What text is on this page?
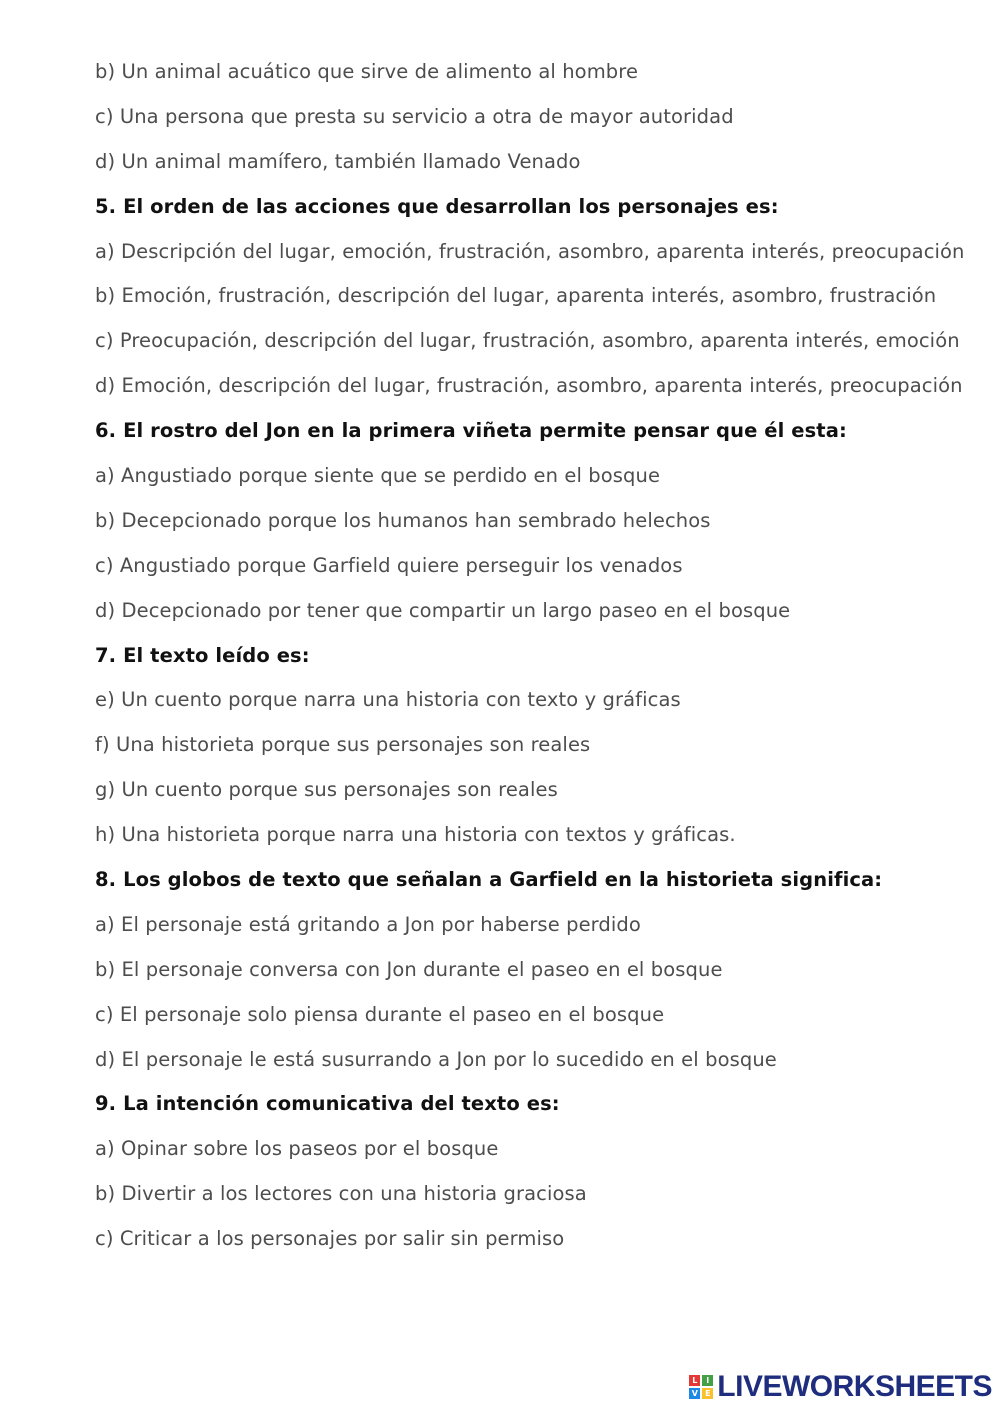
b) Un animal acuático que sirve de alimento al hombre
c) Una persona que presta su servicio a otra de mayor autoridad
d) Un animal mamífero, también llamado Venado
5. El orden de las acciones que desarrollan los personajes es:
a) Descripción del lugar, emoción, frustración, asombro, aparenta interés, preocupación
b) Emoción, frustración, descripción del lugar, aparenta interés, asombro, frustración
c) Preocupación, descripción del lugar, frustración, asombro, aparenta interés, emoción
d) Emoción, descripción del lugar, frustración, asombro, aparenta interés, preocupación
6. El rostro del Jon en la primera viñeta permite pensar que él esta:
a) Angustiado porque siente que se perdido en el bosque
b) Decepcionado porque los humanos han sembrado helechos
c) Angustiado porque Garfield quiere perseguir los venados
d) Decepcionado por tener que compartir un largo paseo en el bosque
7. El texto leído es:
e) Un cuento porque narra una historia con texto y gráficas
f) Una historieta porque sus personajes son reales
g) Un cuento porque sus personajes son reales
h) Una historieta porque narra una historia con textos y gráficas.
8. Los globos de texto que señalan a Garfield en la historieta significa:
a) El personaje está gritando a Jon por haberse perdido
b) El personaje conversa con Jon durante el paseo en el bosque
c) El personaje solo piensa durante el paseo en el bosque
d) El personaje le está susurrando a Jon por lo sucedido en el bosque
9. La intención comunicativa del texto es:
a) Opinar sobre los paseos por el bosque
b) Divertir a los lectores con una historia graciosa
c) Criticar a los personajes por salir sin permiso
L	I
V E LIVEWORKSHEETS
